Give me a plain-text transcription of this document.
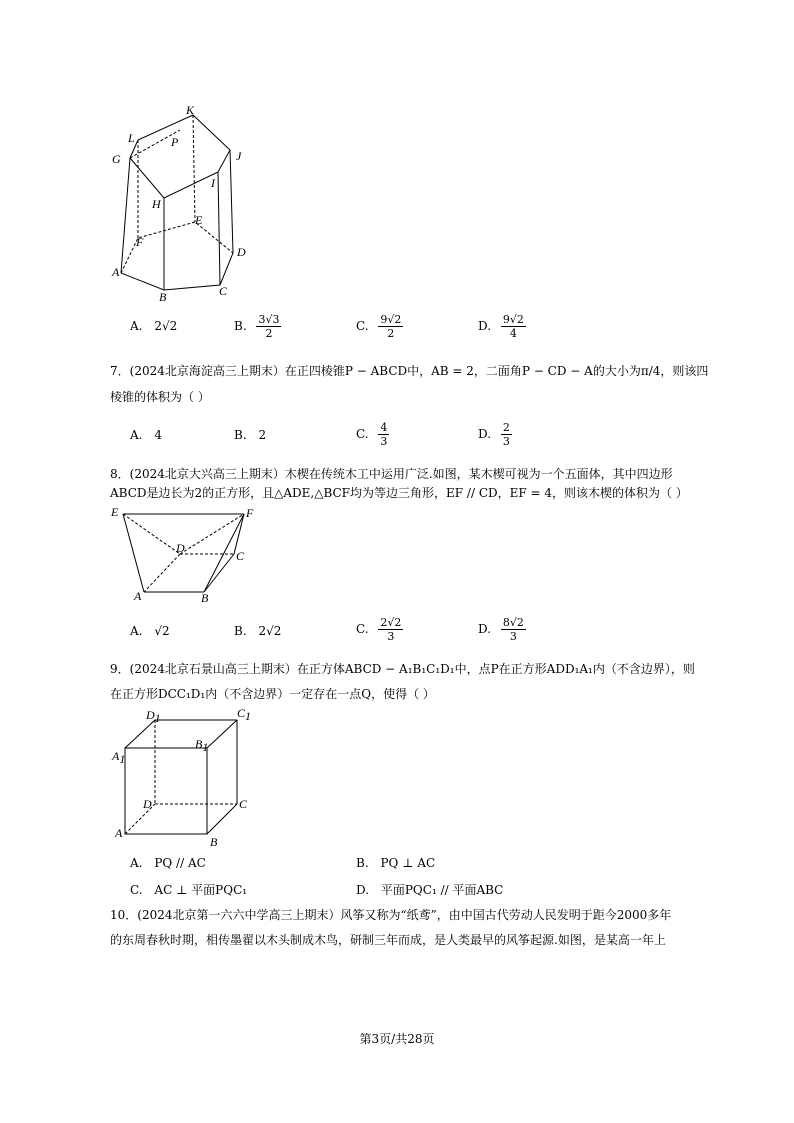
K
L	P
G	J
I
H
E
D
F
A
B	C
A. 2√2	B. $\frac{3√3}{2}$	C. $\frac{9√2}{2}$	D. $\frac{9√2}{4}$
7．(2024北京海淀高三上期末）在正四棱锥P − ABCD中，AB = 2，二面角P − CD − A的大小为π/4，则该四
棱锥的体积为（ ）
A. 4	B. 2	C. $\frac{4}{3}$	D. $\frac{2}{3}$
8．(2024北京大兴高三上期末）木楔在传统木工中运用广泛.如图，某木楔可视为一个五面体，其中四边形
ABCD是边长为2的正方形，且△ADE,△BCF均为等边三角形，EF // CD，EF = 4，则该木楔的体积为（ ）
E	F
D
C
A	B
A. √2	B. 2√2	C. $\frac{2√2}{3}$	D. $\frac{8√2}{3}$
9．(2024北京石景山高三上期末）在正方体ABCD − A₁B₁C₁D₁中，点P在正方形ADD₁A₁内（不含边界），则
在正方形DCC₁D₁内（不含边界）一定存在一点Q，使得（ ）
D1	C1
A1
B1
A
B
C
D
A. PQ // AC	B. PQ ⊥ AC
C. AC ⊥ 平面PQC₁	D. 平面PQC₁ // 平面ABC
10．(2024北京第一六六中学高三上期末）风筝又称为“纸鸢”，由中国古代劳动人民发明于距今2000多年
的东周春秋时期，相传墨翟以木头制成木鸟，研制三年而成，是人类最早的风筝起源.如图，是某高一年上
第3页/共28页
